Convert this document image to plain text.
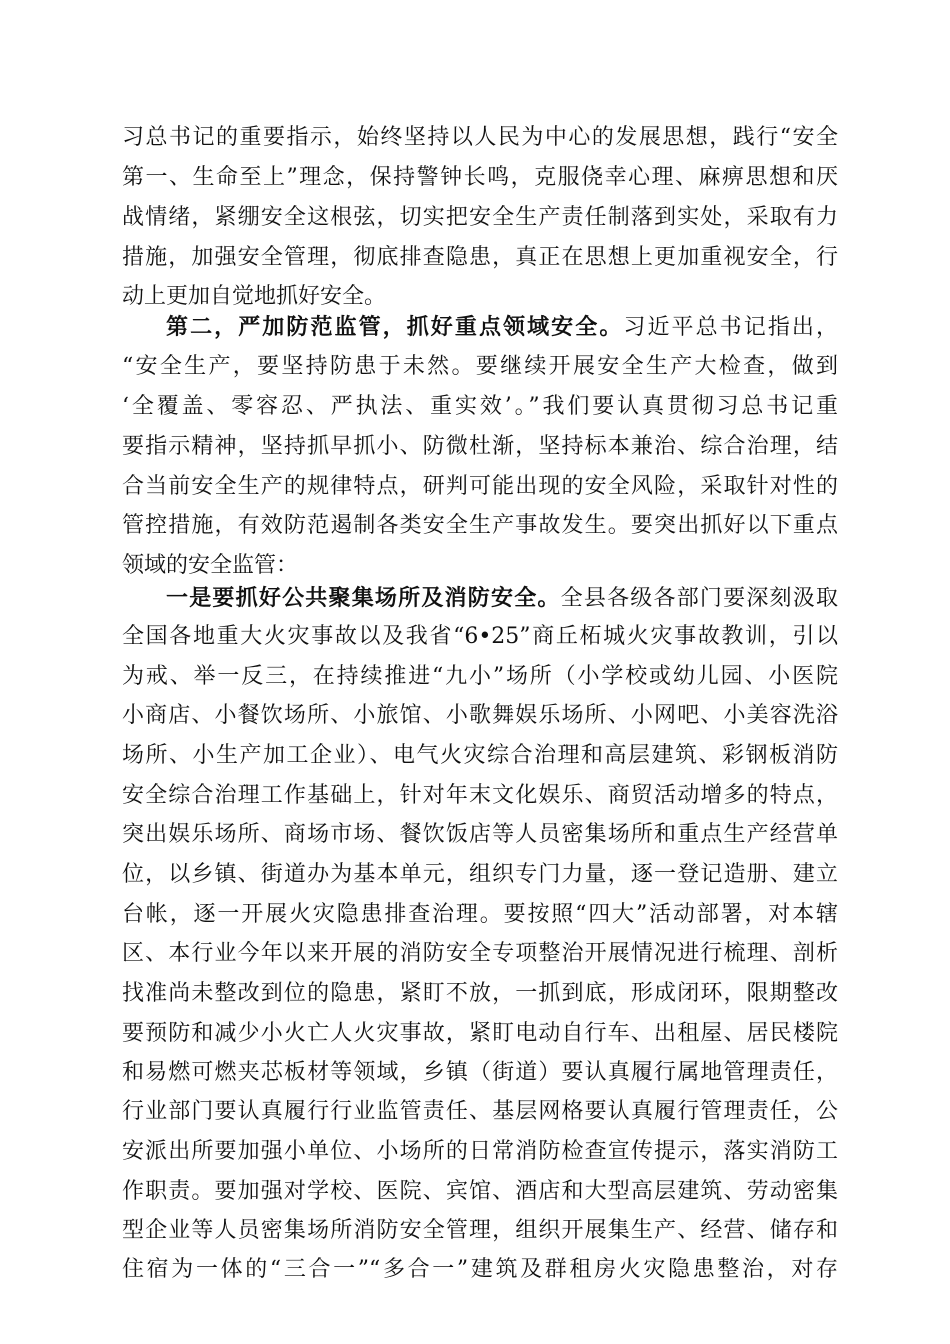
习总书记的重要指示，始终坚持以人民为中心的发展思想，践行“安全
第一、生命至上”理念，保持警钟长鸣，克服侥幸心理、麻痹思想和厌
战情绪，紧绷安全这根弦，切实把安全生产责任制落到实处，采取有力
措施，加强安全管理，彻底排查隐患，真正在思想上更加重视安全，行
动上更加自觉地抓好安全。
第二，严加防范监管，抓好重点领域安全。习近平总书记指出，
“安全生产，要坚持防患于未然。要继续开展安全生产大检查，做到
‘全覆盖、零容忍、严执法、重实效’。”我们要认真贯彻习总书记重
要指示精神，坚持抓早抓小、防微杜渐，坚持标本兼治、综合治理，结
合当前安全生产的规律特点，研判可能出现的安全风险，采取针对性的
管控措施，有效防范遏制各类安全生产事故发生。要突出抓好以下重点
领域的安全监管：
一是要抓好公共聚集场所及消防安全。全县各级各部门要深刻汲取
全国各地重大火灾事故以及我省“6•25”商丘柘城火灾事故教训，引以
为戒、举一反三，在持续推进“九小”场所（小学校或幼儿园、小医院
小商店、小餐饮场所、小旅馆、小歌舞娱乐场所、小网吧、小美容洗浴
场所、小生产加工企业）、电气火灾综合治理和高层建筑、彩钢板消防
安全综合治理工作基础上，针对年末文化娱乐、商贸活动增多的特点，
突出娱乐场所、商场市场、餐饮饭店等人员密集场所和重点生产经营单
位，以乡镇、街道办为基本单元，组织专门力量，逐一登记造册、建立
台帐，逐一开展火灾隐患排查治理。要按照“四大”活动部署，对本辖
区、本行业今年以来开展的消防安全专项整治开展情况进行梳理、剖析
找准尚未整改到位的隐患，紧盯不放，一抓到底，形成闭环，限期整改
要预防和减少小火亡人火灾事故，紧盯电动自行车、出租屋、居民楼院
和易燃可燃夹芯板材等领域，乡镇（街道）要认真履行属地管理责任，
行业部门要认真履行行业监管责任、基层网格要认真履行管理责任，公
安派出所要加强小单位、小场所的日常消防检查宣传提示，落实消防工
作职责。要加强对学校、医院、宾馆、酒店和大型高层建筑、劳动密集
型企业等人员密集场所消防安全管理，组织开展集生产、经营、储存和
住宿为一体的“三合一”“多合一”建筑及群租房火灾隐患整治，对存
